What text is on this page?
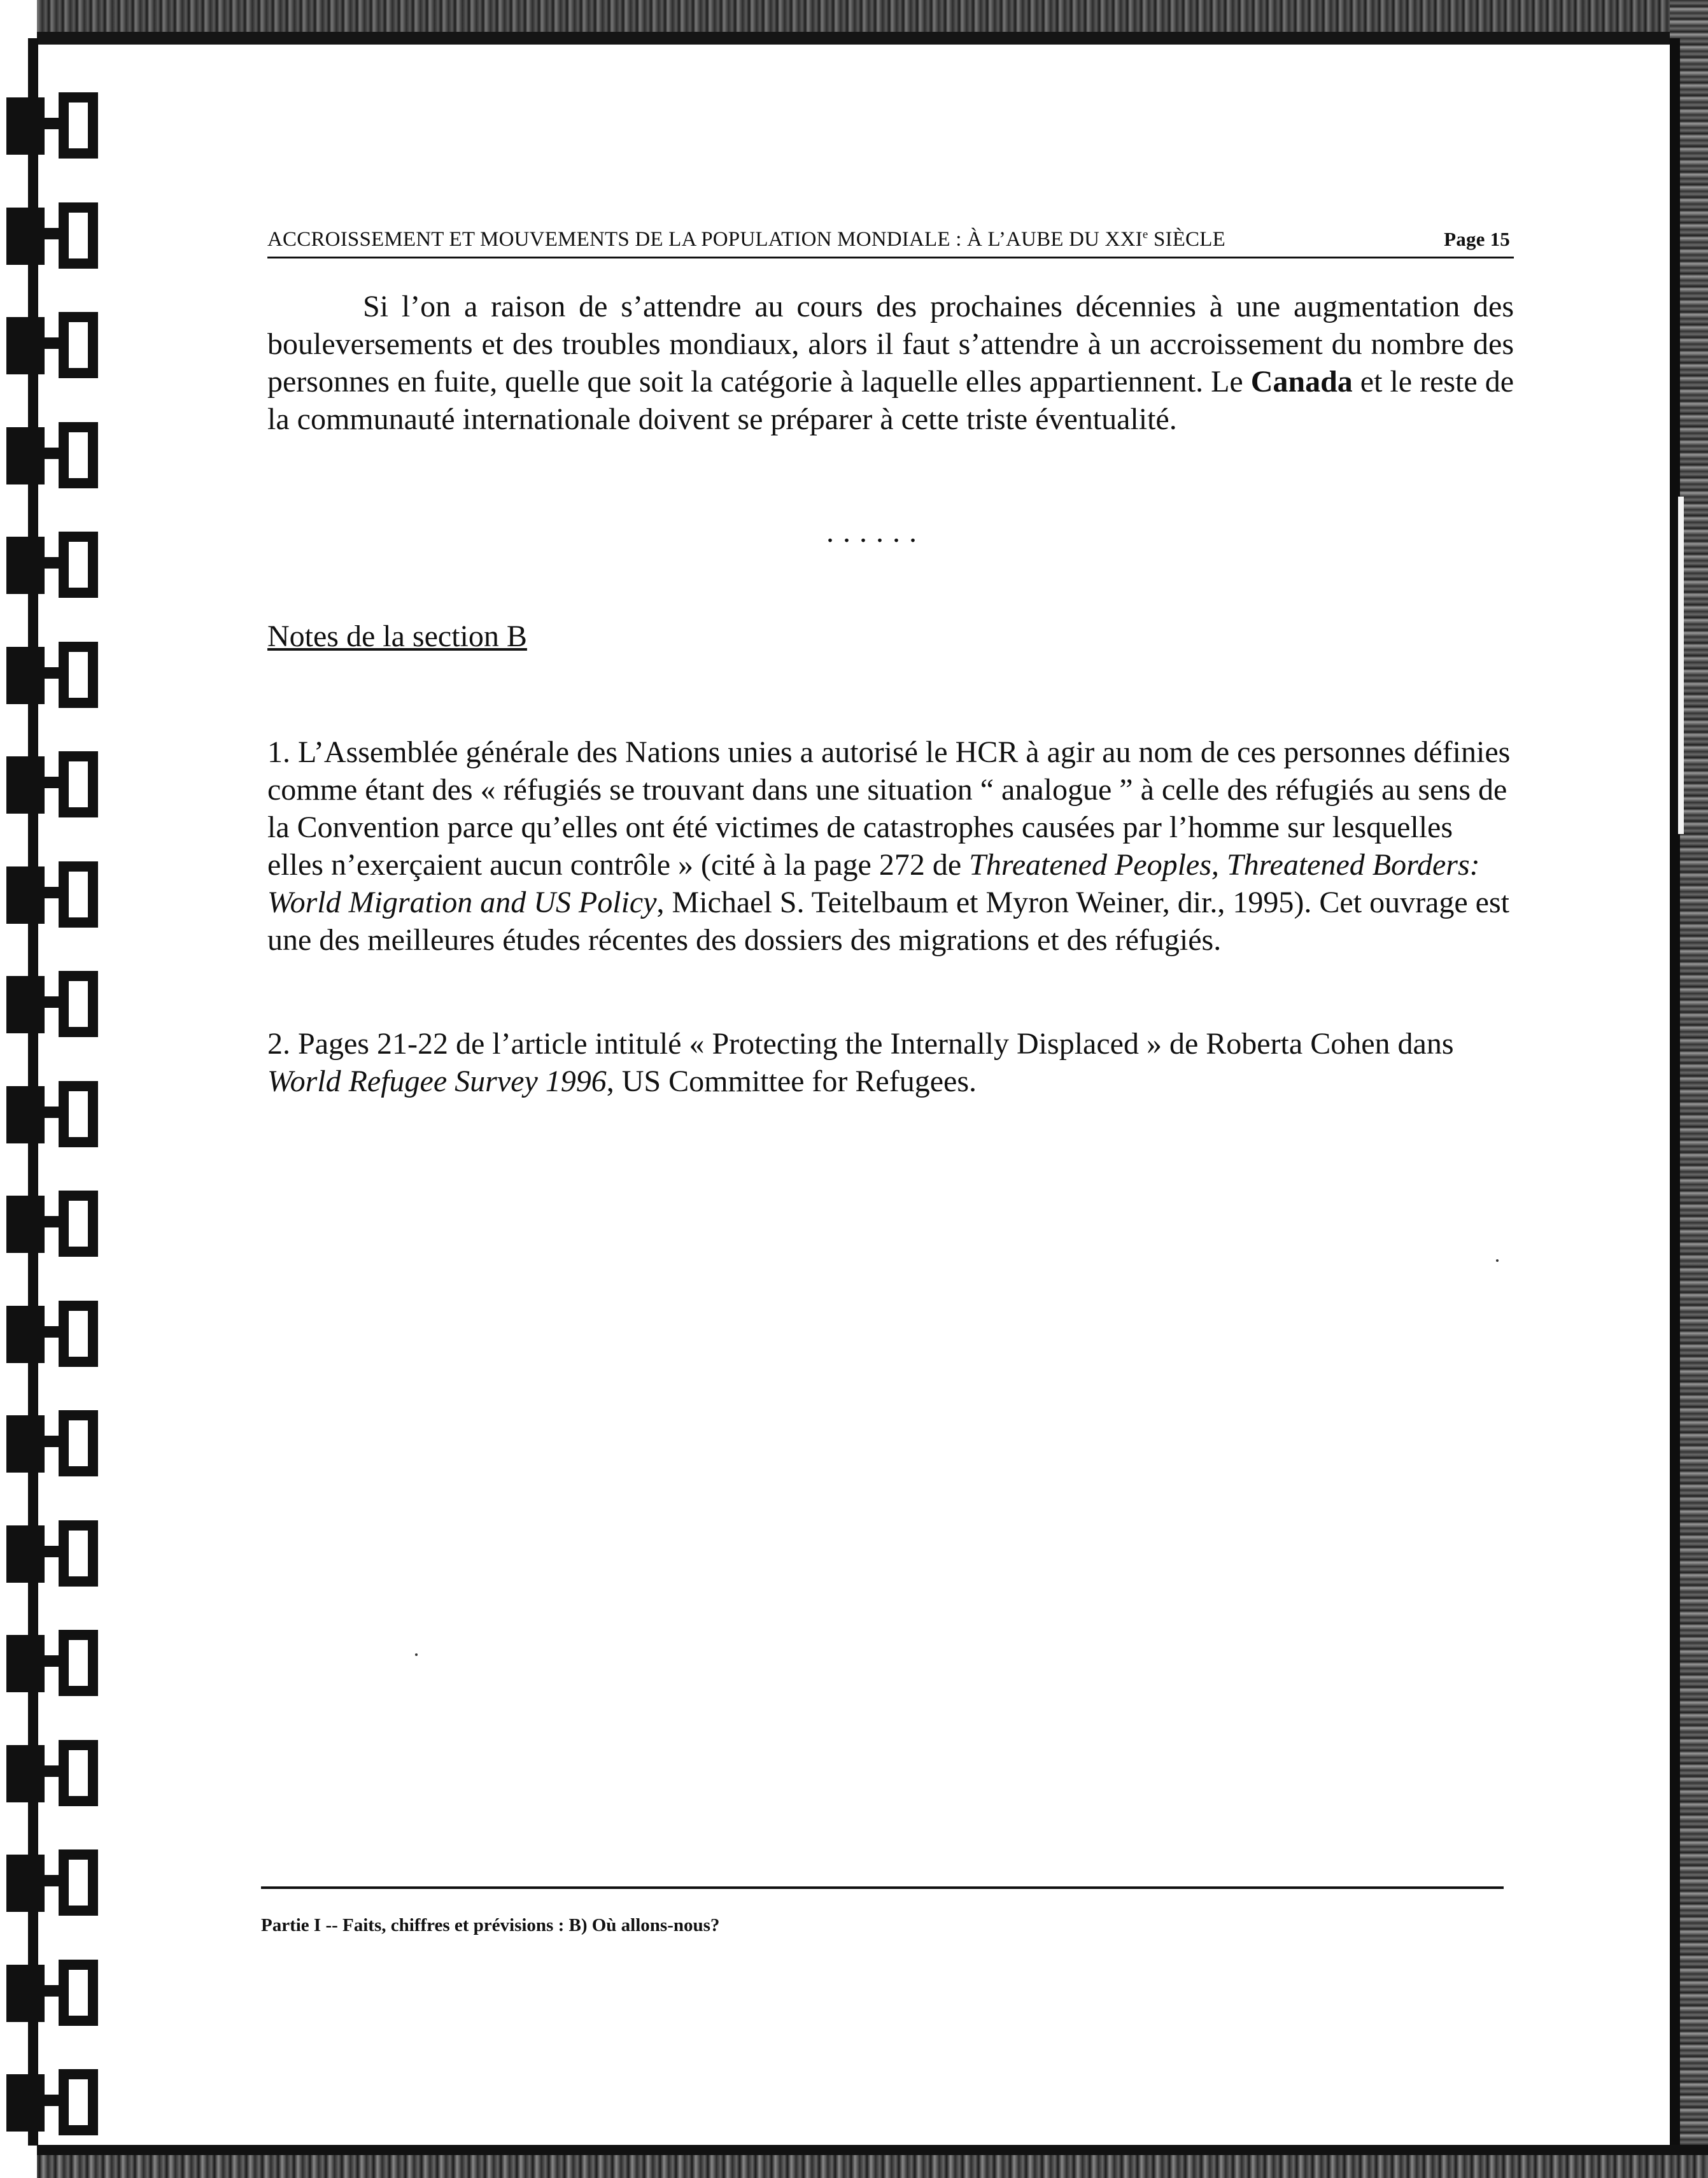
ACCROISSEMENT ET MOUVEMENTS DE LA POPULATION MONDIALE : À L’AUBE DU XXIe SIÈCLE	Page 15

Si l’on a raison de s’attendre au cours des prochaines décennies à une augmentation des bouleversements et des troubles mondiaux, alors il faut s’attendre à un accroissement du nombre des personnes en fuite, quelle que soit la catégorie à laquelle elles appartiennent. Le Canada et le reste de la communauté internationale doivent se préparer à cette triste éventualité.

......
Notes de la section B

1. L’Assemblée générale des Nations unies a autorisé le HCR à agir au nom de ces personnes définies comme étant des « réfugiés se trouvant dans une situation “ analogue ” à celle des réfugiés au sens de la Convention parce qu’elles ont été victimes de catastrophes causées par l’homme sur lesquelles elles n’exerçaient aucun contrôle » (cité à la page 272 de Threatened Peoples, Threatened Borders: World Migration and US Policy, Michael S. Teitelbaum et Myron Weiner, dir., 1995). Cet ouvrage est une des meilleures études récentes des dossiers des migrations et des réfugiés.

2. Pages 21-22 de l’article intitulé « Protecting the Internally Displaced » de Roberta Cohen dans World Refugee Survey 1996, US Committee for Refugees.

Partie I -- Faits, chiffres et prévisions : B) Où allons-nous?
